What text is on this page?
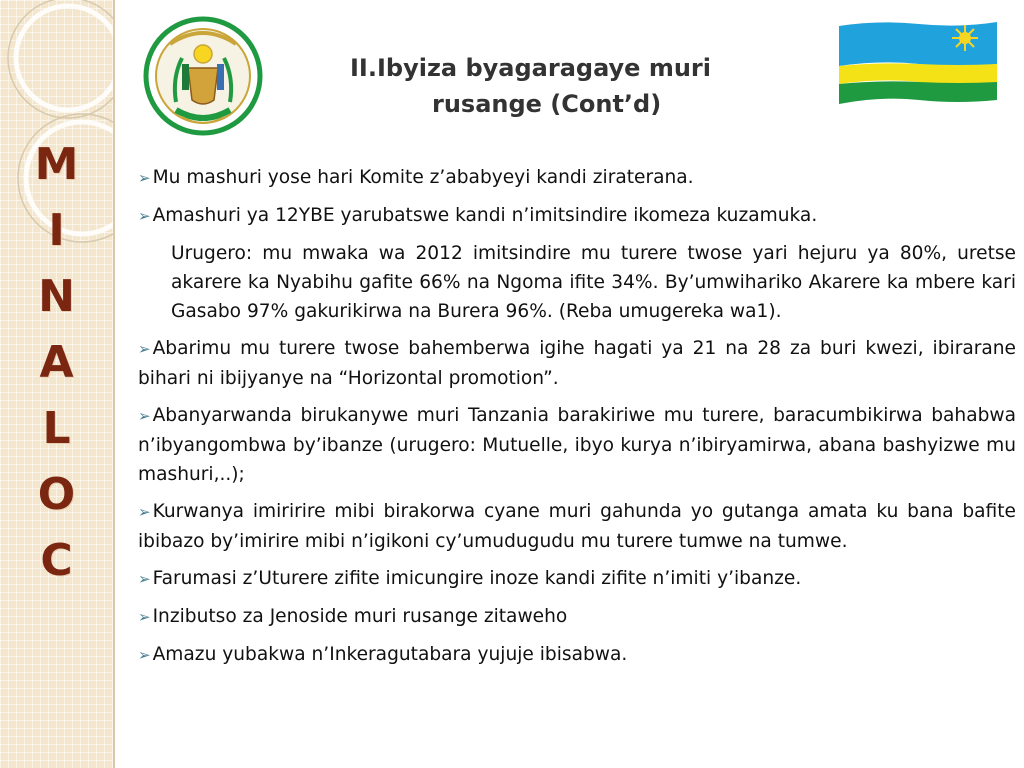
M
I
N
A
L
O
C
II.Ibyiza byagaragaye muri
rusange (Cont’d)

➢ Mu mashuri yose hari Komite z’ababyeyi kandi ziraterana.

➢ Amashuri ya 12YBE yarubatswe kandi n’imitsindire ikomeza kuzamuka.

Urugero: mu mwaka wa 2012 imitsindire mu turere twose yari hejuru ya 80%, uretse akarere ka Nyabihu gafite 66% na Ngoma ifite 34%. By’umwihariko Akarere ka mbere kari Gasabo 97% gakurikirwa na Burera 96%. (Reba umugereka wa1).

➢ Abarimu mu turere twose bahemberwa igihe hagati ya 21 na 28 za buri kwezi, ibirarane bihari ni ibijyanye na “Horizontal promotion”.

➢ Abanyarwanda birukanywe muri Tanzania barakiriwe mu turere, baracumbikirwa bahabwa n’ibyangombwa by’ibanze (urugero: Mutuelle, ibyo kurya n’ibiryamirwa, abana bashyizwe mu mashuri,..);

➢ Kurwanya imiririre mibi birakorwa cyane muri gahunda yo gutanga amata ku bana bafite ibibazo by’imirire mibi n’igikoni cy’umudugudu mu turere tumwe na tumwe.

➢ Farumasi z’Uturere zifite imicungire inoze kandi zifite n’imiti y’ibanze.

➢ Inzibutso za Jenoside muri rusange zitaweho

➢ Amazu yubakwa n’Inkeragutabara yujuje ibisabwa.
